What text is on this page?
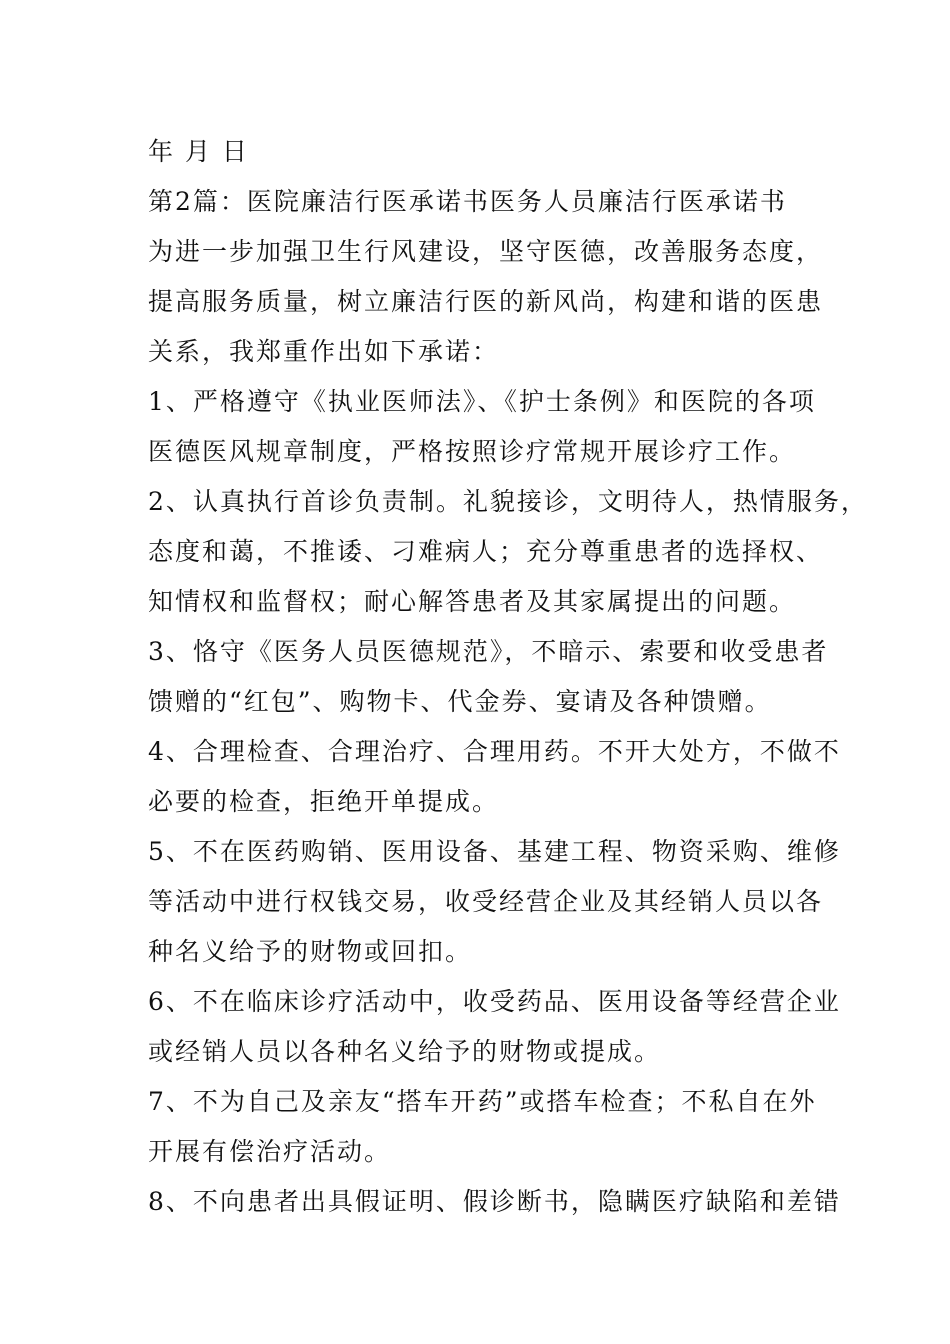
年 月 日
第2篇：医院廉洁行医承诺书医务人员廉洁行医承诺书
为进一步加强卫生行风建设，坚守医德，改善服务态度，
提高服务质量，树立廉洁行医的新风尚，构建和谐的医患
关系，我郑重作出如下承诺：
1、严格遵守《执业医师法》、《护士条例》和医院的各项
医德医风规章制度，严格按照诊疗常规开展诊疗工作。
2、认真执行首诊负责制。礼貌接诊，文明待人，热情服务，
态度和蔼，不推诿、刁难病人；充分尊重患者的选择权、
知情权和监督权；耐心解答患者及其家属提出的问题。
3、恪守《医务人员医德规范》，不暗示、索要和收受患者
馈赠的“红包”、购物卡、代金券、宴请及各种馈赠。
4、合理检查、合理治疗、合理用药。不开大处方，不做不
必要的检查，拒绝开单提成。
5、不在医药购销、医用设备、基建工程、物资采购、维修
等活动中进行权钱交易，收受经营企业及其经销人员以各
种名义给予的财物或回扣。
6、不在临床诊疗活动中，收受药品、医用设备等经营企业
或经销人员以各种名义给予的财物或提成。
7、不为自己及亲友“搭车开药”或搭车检查；不私自在外
开展有偿治疗活动。
8、不向患者出具假证明、假诊断书，隐瞒医疗缺陷和差错
